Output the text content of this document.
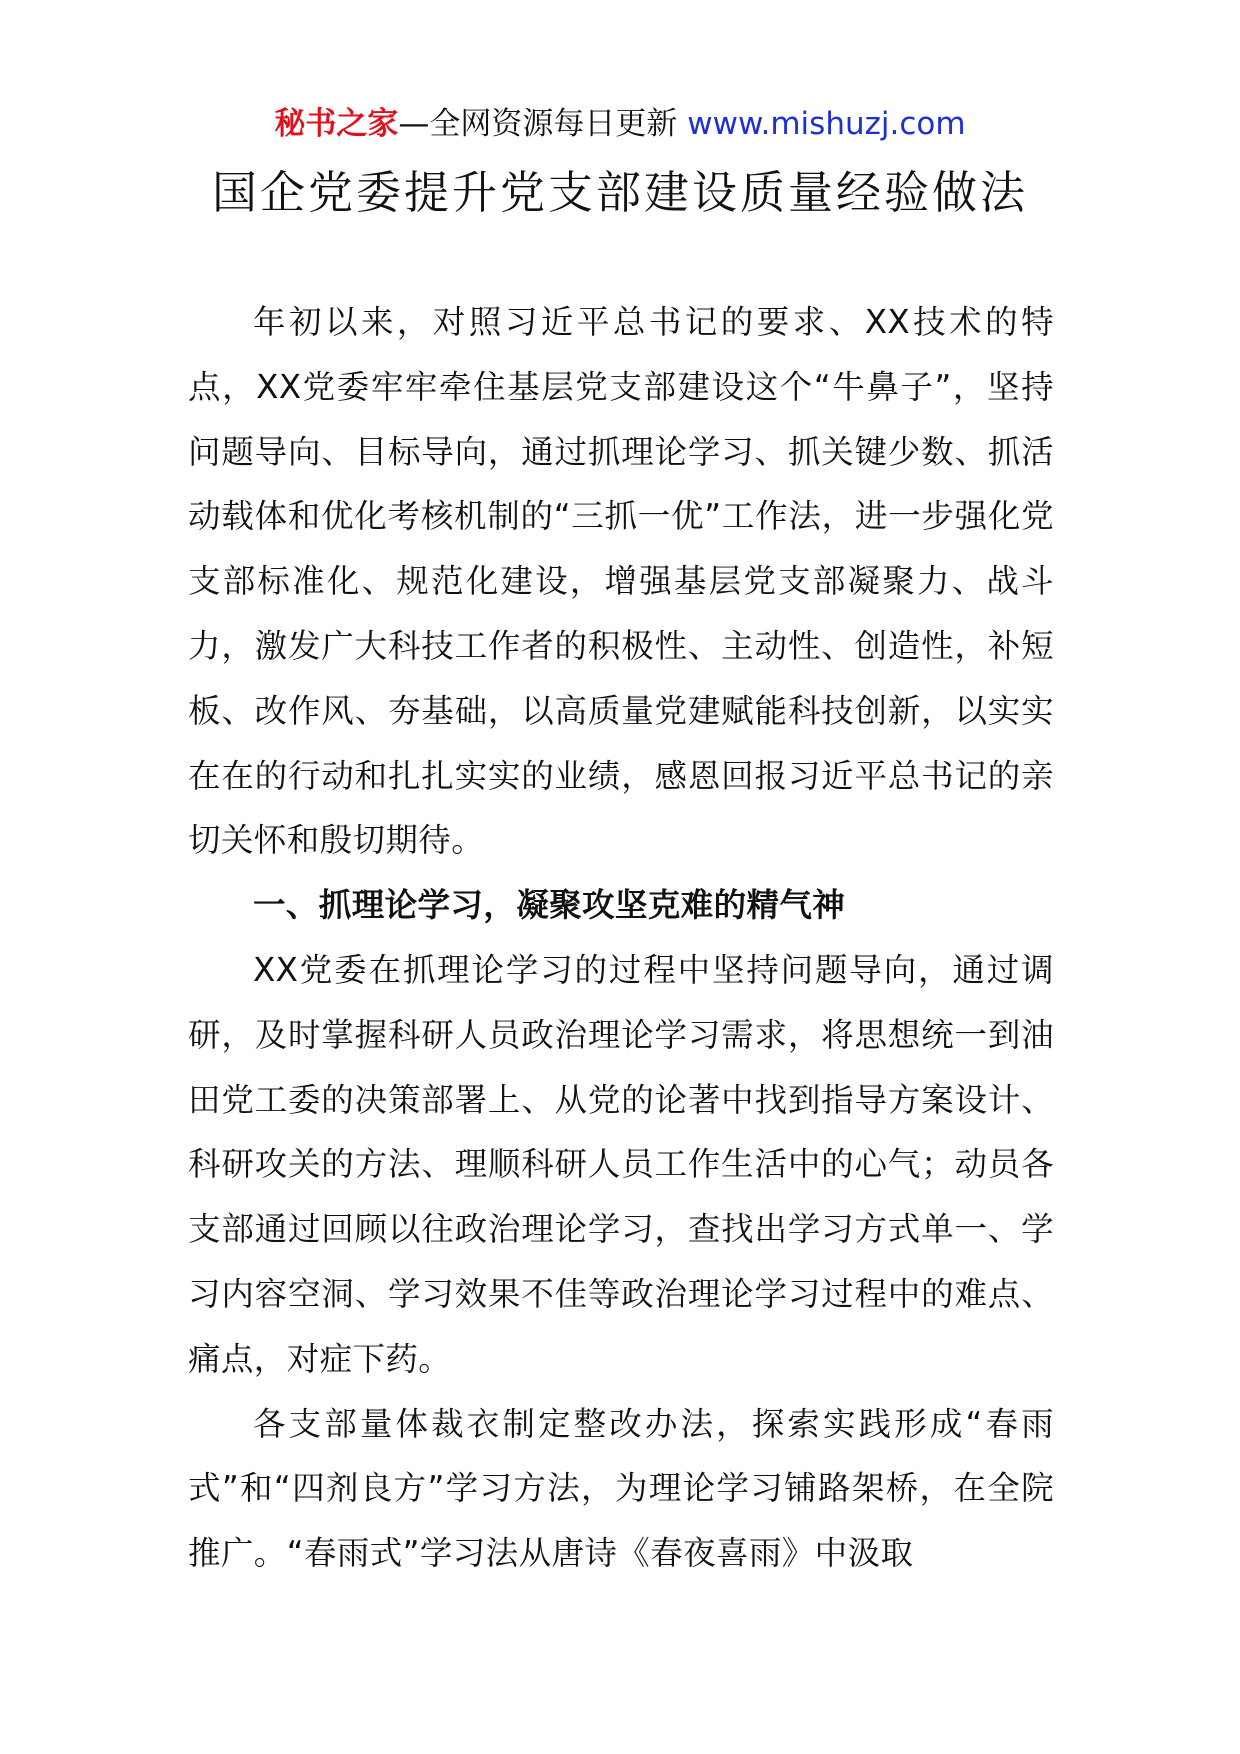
秘书之家—全网资源每日更新 www.mishuzj.com
国企党委提升党支部建设质量经验做法

年初以来，对照习近平总书记的要求、XX技术的特点，XX党委牢牢牵住基层党支部建设这个“牛鼻子”，坚持问题导向、目标导向，通过抓理论学习、抓关键少数、抓活动载体和优化考核机制的“三抓一优”工作法，进一步强化党支部标准化、规范化建设，增强基层党支部凝聚力、战斗力，激发广大科技工作者的积极性、主动性、创造性，补短板、改作风、夯基础，以高质量党建赋能科技创新，以实实在在的行动和扎扎实实的业绩，感恩回报习近平总书记的亲切关怀和殷切期待。

一、抓理论学习，凝聚攻坚克难的精气神

XX党委在抓理论学习的过程中坚持问题导向，通过调研，及时掌握科研人员政治理论学习需求，将思想统一到油田党工委的决策部署上、从党的论著中找到指导方案设计、科研攻关的方法、理顺科研人员工作生活中的心气；动员各支部通过回顾以往政治理论学习，查找出学习方式单一、学习内容空洞、学习效果不佳等政治理论学习过程中的难点、痛点，对症下药。

各支部量体裁衣制定整改办法，探索实践形成“春雨式”和“四剂良方”学习方法，为理论学习铺路架桥，在全院推广。“春雨式”学习法从唐诗《春夜喜雨》中汲取
